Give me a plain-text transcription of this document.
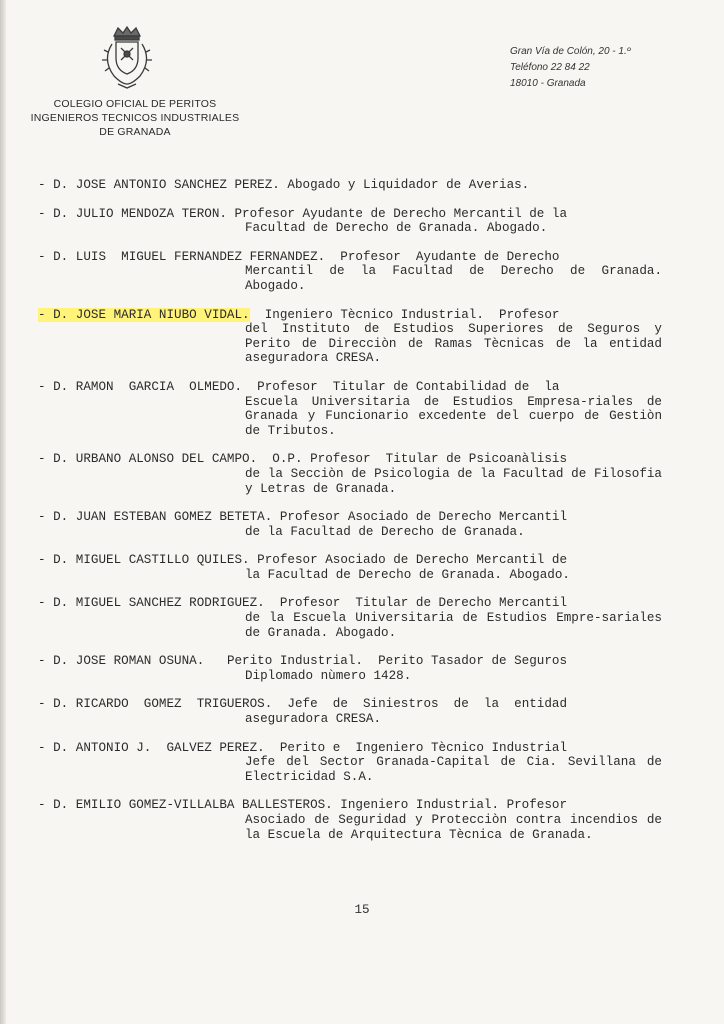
COLEGIO OFICIAL DE PERITOS
INGENIEROS TECNICOS INDUSTRIALES
DE GRANADA
Gran Vía de Colón, 20 - 1.º
Teléfono 22 84 22
18010 - Granada
- D. JOSE ANTONIO SANCHEZ PEREZ. Abogado y Liquidador de Averias.
- D. JULIO MENDOZA TERON. Profesor Ayudante de Derecho Mercantil de la
Facultad de Derecho de Granada. Abogado.
- D. LUIS  MIGUEL FERNANDEZ FERNANDEZ.  Profesor  Ayudante de Derecho
Mercantil de la Facultad de Derecho de Granada. Abogado.
- D. JOSE MARIA NIUBO VIDAL.  Ingeniero Tècnico Industrial.  Profesor
del Instituto de Estudios Superiores de Seguros y Perito de Direcciòn de Ramas Tècnicas de la entidad aseguradora CRESA.
- D. RAMON  GARCIA  OLMEDO.  Profesor  Titular de Contabilidad de  la
Escuela Universitaria de Estudios Empresa-riales de Granada y Funcionario excedente del cuerpo de Gestiòn de Tributos.
- D. URBANO ALONSO DEL CAMPO.  O.P. Profesor  Titular de Psicoanàlisis
de la Secciòn de Psicologia de la Facultad de Filosofia y Letras de Granada.
- D. JUAN ESTEBAN GOMEZ BETETA. Profesor Asociado de Derecho Mercantil
de la Facultad de Derecho de Granada.
- D. MIGUEL CASTILLO QUILES. Profesor Asociado de Derecho Mercantil de
la Facultad de Derecho de Granada. Abogado.
- D. MIGUEL SANCHEZ RODRIGUEZ.  Profesor  Titular de Derecho Mercantil
de la Escuela Universitaria de Estudios Empre-sariales de Granada. Abogado.
- D. JOSE ROMAN OSUNA.   Perito Industrial.  Perito Tasador de Seguros
Diplomado nùmero 1428.
- D. RICARDO  GOMEZ  TRIGUEROS.  Jefe  de  Siniestros  de  la  entidad
aseguradora CRESA.
- D. ANTONIO J.  GALVEZ PEREZ.  Perito e  Ingeniero Tècnico Industrial
Jefe del Sector Granada-Capital de Cia. Sevillana de Electricidad S.A.
- D. EMILIO GOMEZ-VILLALBA BALLESTEROS. Ingeniero Industrial. Profesor
Asociado de Seguridad y Protecciòn contra incendios de la Escuela de Arquitectura Tècnica de Granada.
15
